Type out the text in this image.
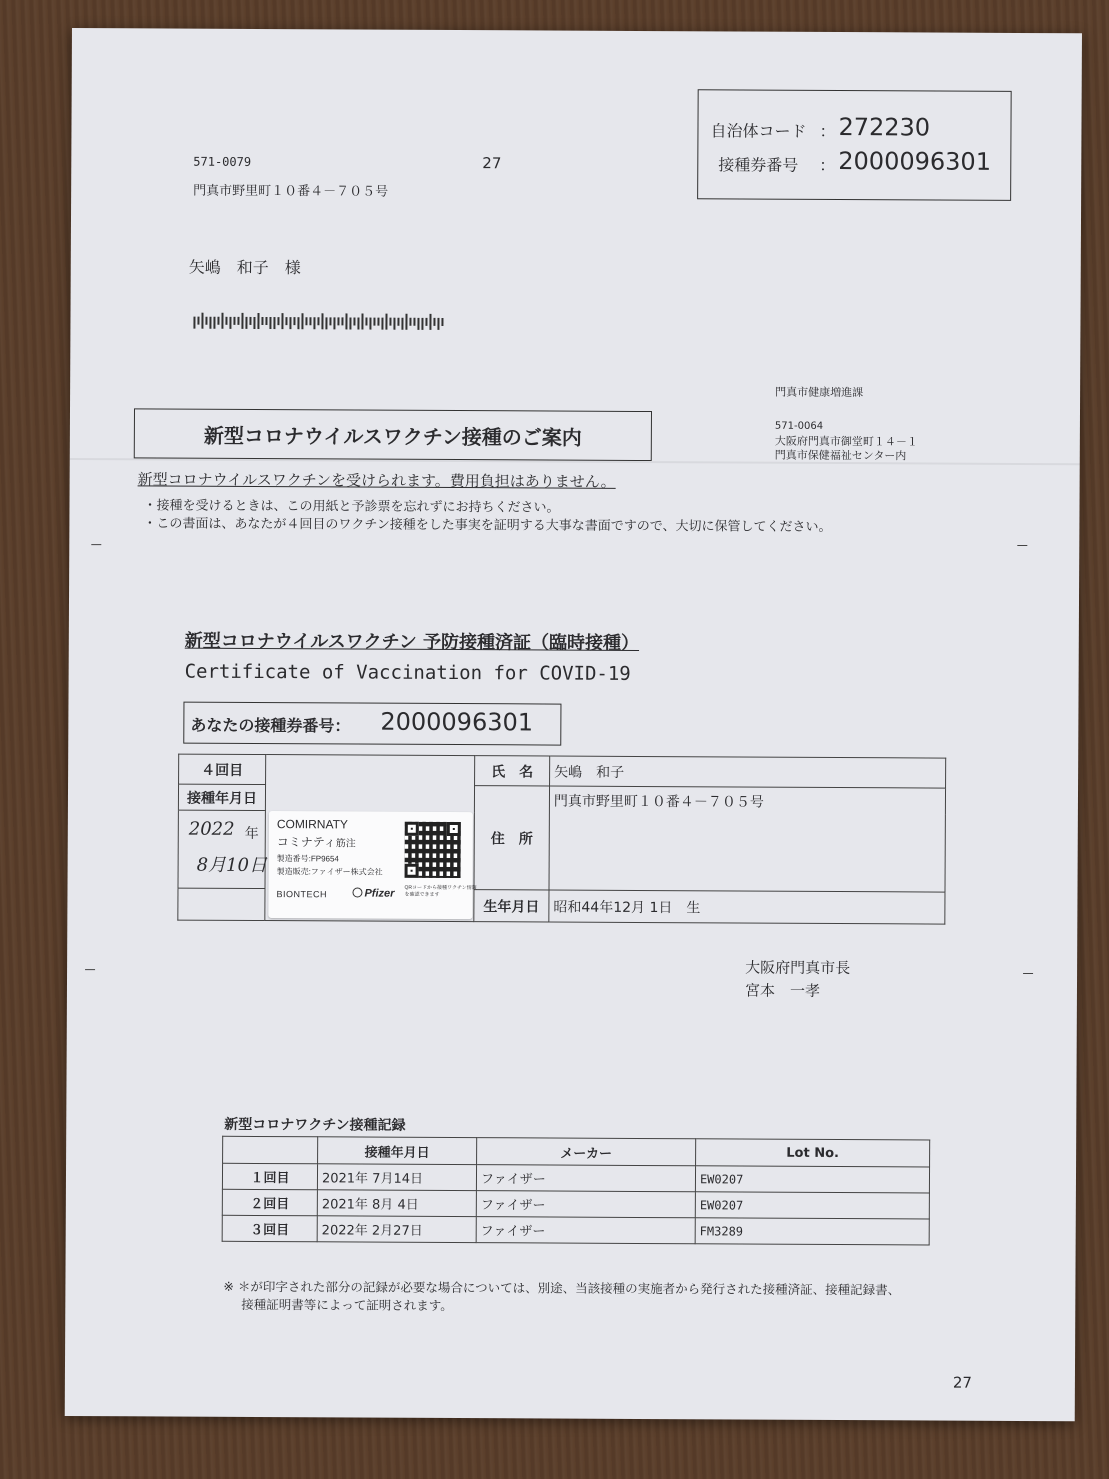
571-0079	27
門真市野里町１０番４－７０５号
矢嶋　和子　様
自治体コード ： 272230
接種券番号 ： 2000096301
門真市健康増進課
571-0064
大阪府門真市御堂町１４－１
門真市保健福祉センター内
新型コロナウイルスワクチン接種のご案内
新型コロナウイルスワクチンを受けられます。費用負担はありません。
・接種を受けるときは、この用紙と予診票を忘れずにお持ちください。
・この書面は、あなたが４回目のワクチン接種をした事実を証明する大事な書面ですので、大切に保管してください。
新型コロナウイルスワクチン 予防接種済証（臨時接種）
Certificate of Vaccination for COVID-19
あなたの接種券番号： 2000096301
４回目		氏　名	矢嶋　和子
接種年月日		住　所	門真市野里町１０番４－７０５号

2022 年
8月10日			

		生年月日	昭和44年12月 1日　生
COMIRNATY
コミナティ筋注
製造番号:FP9654
製造販売:ファイザー株式会社
BIONTECH	Pfizer QRコードから接種ワクチン情報
を確認できます
大阪府門真市長
宮本　一孝
新型コロナワクチン接種記録
	接種年月日	メーカー	Lot No.
１回目	2021年 7月14日	ファイザー	EW0207
２回目	2021年 8月 4日	ファイザー	EW0207
３回目	2022年 2月27日	ファイザー	FM3289
※ ＊が印字された部分の記録が必要な場合については、別途、当該接種の実施者から発行された接種済証、接種記録書、
接種証明書等によって証明されます。
27
